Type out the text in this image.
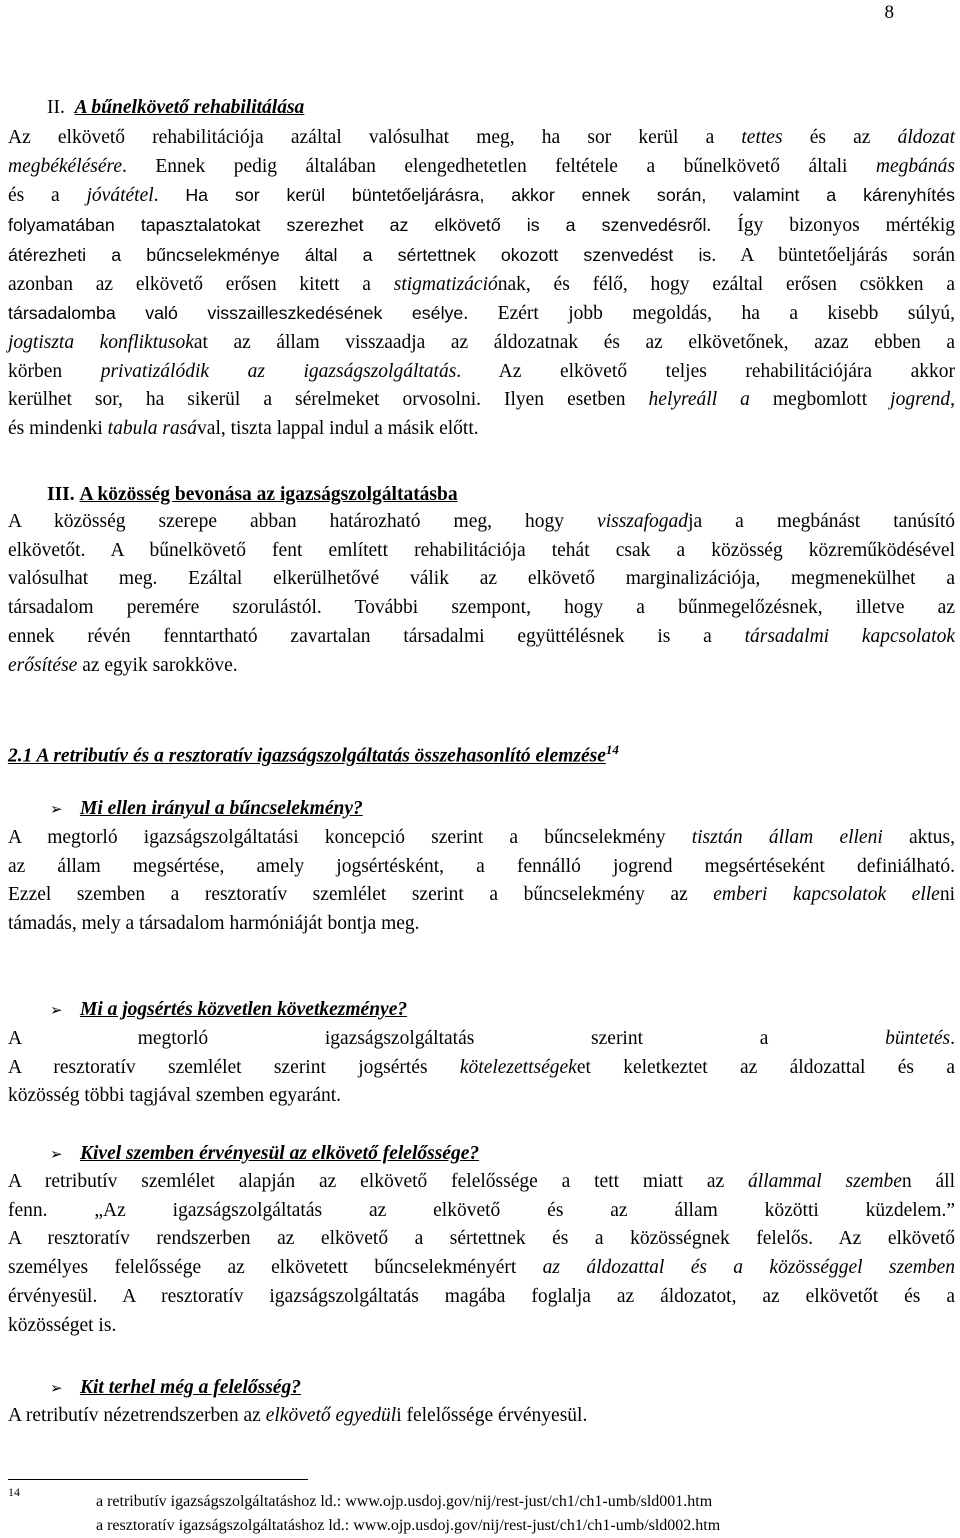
8
II. A bűnelkövető rehabilitálása
Az elkövető rehabilitációja azáltal valósulhat meg, ha sor kerül a tettes és az áldozat
megbékélésére. Ennek pedig általában elengedhetetlen feltétele a bűnelkövető általi megbánás
és a jóvátétel. Ha sor kerül büntetőeljárásra, akkor ennek során, valamint a kárenyhítés
folyamatában tapasztalatokat szerezhet az elkövető is a szenvedésről. Így bizonyos mértékig
átérezheti a bűncselekménye által a sértettnek okozott szenvedést is. A büntetőeljárás során
azonban az elkövető erősen kitett a stigmatizációnak, és félő, hogy ezáltal erősen csökken a
társadalomba való visszailleszkedésének esélye. Ezért jobb megoldás, ha a kisebb súlyú,
jogtiszta konfliktusokat az állam visszaadja az áldozatnak és az elkövetőnek, azaz ebben a
körben privatizálódik az igazságszolgáltatás. Az elkövető teljes rehabilitációjára akkor
kerülhet sor, ha sikerül a sérelmeket orvosolni. Ilyen esetben helyreáll a megbomlott jogrend,
és mindenki tabula rasával, tiszta lappal indul a másik előtt.
III. A közösség bevonása az igazságszolgáltatásba
A közösség szerepe abban határozható meg, hogy visszafogadja a megbánást tanúsító
elkövetőt. A bűnelkövető fent említett rehabilitációja tehát csak a közösség közreműködésével
valósulhat meg. Ezáltal elkerülhetővé válik az elkövető marginalizációja, megmenekülhet a
társadalom peremére szorulástól. További szempont, hogy a bűnmegelőzésnek, illetve az
ennek révén fenntartható zavartalan társadalmi együttélésnek is a társadalmi kapcsolatok
erősítése az egyik sarokköve.
2.1 A retributív és a resztoratív igazságszolgáltatás összehasonlító elemzése$^{14}$
➢ Mi ellen irányul a bűncselekmény?
A megtorló igazságszolgáltatási koncepció szerint a bűncselekmény tisztán állam elleni aktus,
az állam megsértése, amely jogsértésként, a fennálló jogrend megsértéseként definiálható.
Ezzel szemben a resztoratív szemlélet szerint a bűncselekmény az emberi kapcsolatok elleni
támadás, mely a társadalom harmóniáját bontja meg.
➢ Mi a jogsértés közvetlen következménye?
A megtorló igazságszolgáltatás szerint a büntetés.
A resztoratív szemlélet szerint jogsértés kötelezettségeket keletkeztet az áldozattal és a
közösség többi tagjával szemben egyaránt.
➢ Kivel szemben érvényesül az elkövető felelőssége?
A retributív szemlélet alapján az elkövető felelőssége a tett miatt az állammal szemben áll
fenn. „Az igazságszolgáltatás az elkövető és az állam közötti küzdelem.”
A resztoratív rendszerben az elkövető a sértettnek és a közösségnek felelős. Az elkövető
személyes felelőssége az elkövetett bűncselekményért az áldozattal és a közösséggel szemben
érvényesül. A resztoratív igazságszolgáltatás magába foglalja az áldozatot, az elkövetőt és a
közösséget is.
➢ Kit terhel még a felelősség?
A retributív nézetrendszerben az elkövető egyedüli felelőssége érvényesül.
14
a retributív igazságszolgáltatáshoz ld.: www.ojp.usdoj.gov/nij/rest-just/ch1/ch1-umb/sld001.htm
a resztoratív igazságszolgáltatáshoz ld.: www.ojp.usdoj.gov/nij/rest-just/ch1/ch1-umb/sld002.htm
